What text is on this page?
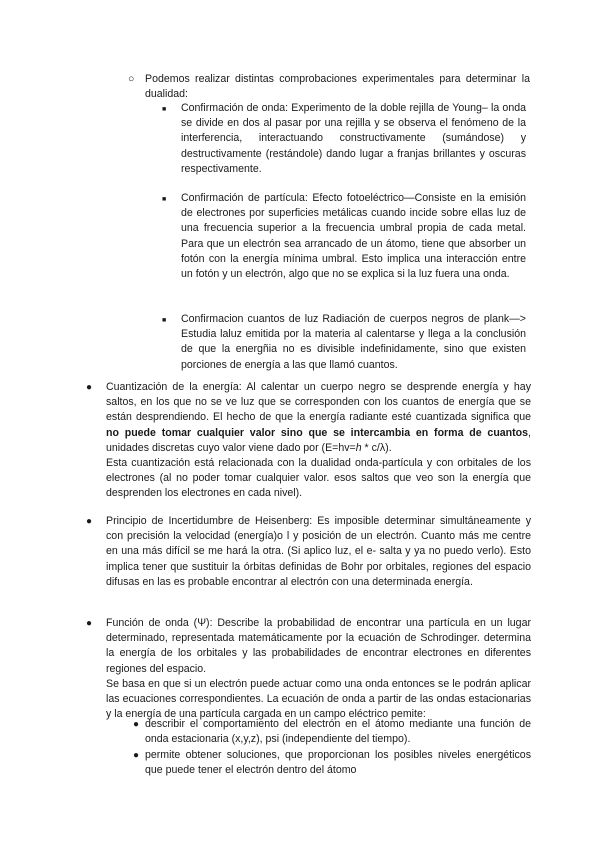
○ Podemos realizar distintas comprobaciones experimentales para determinar la dualidad:

■ Confirmación de onda: Experimento de la doble rejilla de Young– la onda se divide en dos al pasar por una rejilla y se observa el fenómeno de la interferencia, interactuando constructivamente (sumándose) y destructivamente (restándole) dando lugar a franjas brillantes y oscuras respectivamente.

■ Confirmación de partícula: Efecto fotoeléctrico—Consiste en la emisión de electrones por superficies metálicas cuando incide sobre ellas luz de una frecuencia superior a la frecuencia umbral propia de cada metal. Para que un electrón sea arrancado de un átomo, tiene que absorber un fotón con la energía mínima umbral. Esto implica una interacción entre un fotón y un electrón, algo que no se explica si la luz fuera una onda.

■ Confirmacion cuantos de luz Radiación de cuerpos negros de plank—> Estudia laluz emitida por la materia al calentarse y llega a la conclusión de que la energñia no es divisible indefinidamente, sino que existen porciones de energía a las que llamó cuantos.

● Cuantización de la energía: Al calentar un cuerpo negro se desprende energía y hay saltos, en los que no se ve luz que se corresponden con los cuantos de energía que se están desprendiendo. El hecho de que la energía radiante esté cuantizada significa que no puede tomar cualquier valor sino que se intercambia en forma de cuantos, unidades discretas cuyo valor viene dado por (E=hv=h * c/λ).

Esta cuantización está relacionada con la dualidad onda-partícula y con orbitales de los electrones (al no poder tomar cualquier valor. esos saltos que veo son la energía que desprenden los electrones en cada nivel).

● Principio de Incertidumbre de Heisenberg: Es imposible determinar simultáneamente y con precisión la velocidad (energía)o l y posición de un electrón. Cuanto más me centre en una más difícil se me hará la otra. (Si aplico luz, el e- salta y ya no puedo verlo). Esto implica tener que sustituir la órbitas definidas de Bohr por orbitales, regiones del espacio difusas en las es probable encontrar al electrón con una determinada energía.

● Función de onda (Ψ): Describe la probabilidad de encontrar una partícula en un lugar determinado, representada matemáticamente por la ecuación de Schrodinger. determina la energía de los orbitales y las probabilidades de encontrar electrones en diferentes regiones del espacio.

Se basa en que si un electrón puede actuar como una onda entonces se le podrán aplicar las ecuaciones correspondientes. La ecuación de onda a partir de las ondas estacionarias y la energía de una partícula cargada en un campo eléctrico pemite:

● describir el comportamiento del electrón en el átomo mediante una función de onda estacionaria (x,y,z), psi (independiente del tiempo).

● permite obtener soluciones, que proporcionan los posibles niveles energéticos que puede tener el electrón dentro del átomo
